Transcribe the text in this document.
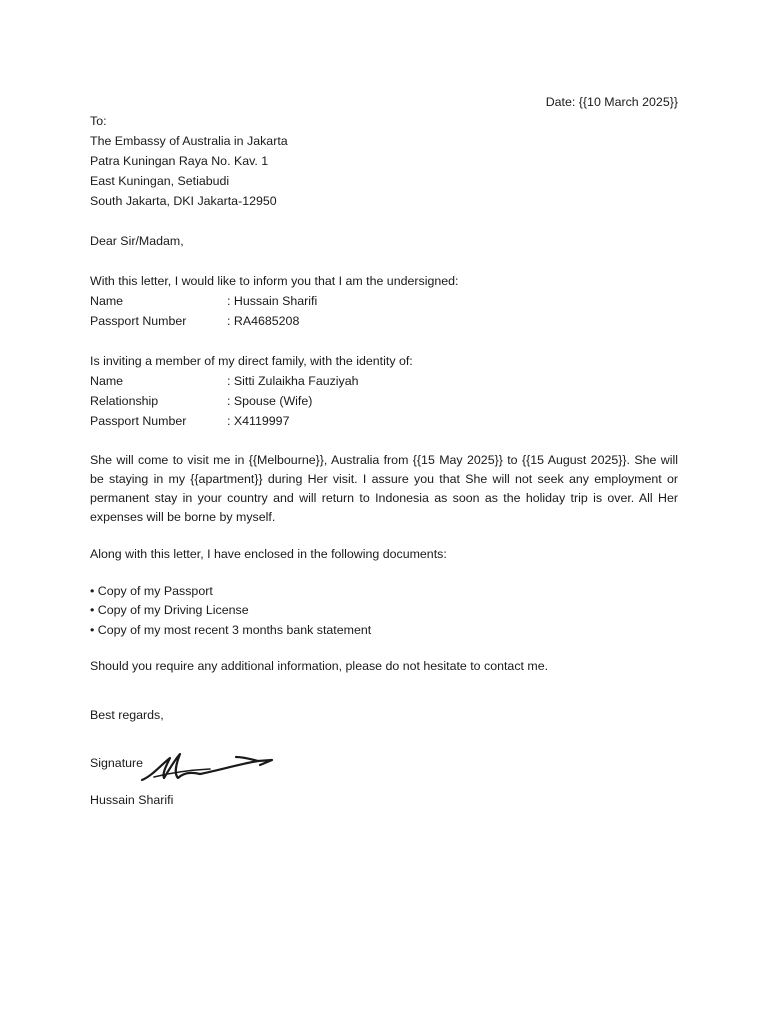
Date: {{10 March 2025}}
To:
The Embassy of Australia in Jakarta
Patra Kuningan Raya No. Kav. 1
East Kuningan, Setiabudi
South Jakarta, DKI Jakarta-12950
Dear Sir/Madam,
With this letter, I would like to inform you that I am the undersigned:
Name	: Hussain Sharifi
Passport Number	: RA4685208
Is inviting a member of my direct family, with the identity of:
Name	: Sitti Zulaikha Fauziyah
Relationship	: Spouse (Wife)
Passport Number	: X4119997
She will come to visit me in {{Melbourne}}, Australia from {{15 May 2025}} to {{15 August 2025}}. She will be staying in my {{apartment}} during Her visit. I assure you that She will not seek any employment or permanent stay in your country and will return to Indonesia as soon as the holiday trip is over. All Her expenses will be borne by myself.
Along with this letter, I have enclosed in the following documents:
• Copy of my Passport
• Copy of my Driving License
• Copy of my most recent 3 months bank statement
Should you require any additional information, please do not hesitate to contact me.
Best regards,
Signature
Hussain Sharifi
